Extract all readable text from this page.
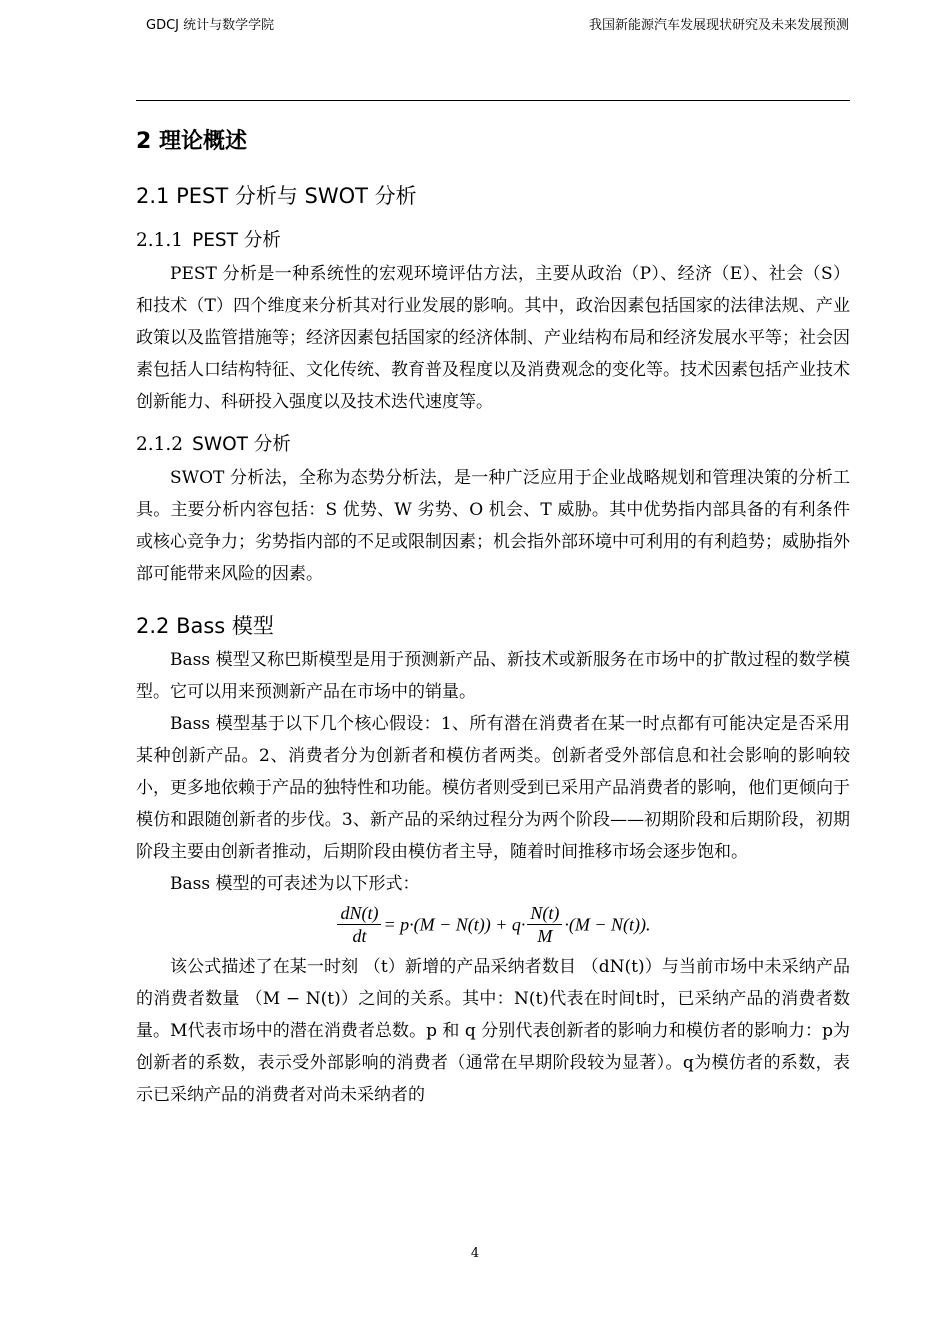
GDCJ 统计与数学学院	我国新能源汽车发展现状研究及未来发展预测
2 理论概述
2.1 PEST 分析与 SWOT 分析
2.1.1 PEST 分析

PEST 分析是一种系统性的宏观环境评估方法，主要从政治（P）、经济（E）、社会（S）和技术（T）四个维度来分析其对行业发展的影响。其中，政治因素包括国家的法律法规、产业政策以及监管措施等；经济因素包括国家的经济体制、产业结构布局和经济发展水平等；社会因素包括人口结构特征、文化传统、教育普及程度以及消费观念的变化等。技术因素包括产业技术创新能力、科研投入强度以及技术迭代速度等。

2.1.2 SWOT 分析

SWOT 分析法，全称为态势分析法，是一种广泛应用于企业战略规划和管理决策的分析工具。主要分析内容包括：S 优势、W 劣势、O 机会、T 威胁。其中优势指内部具备的有利条件或核心竞争力；劣势指内部的不足或限制因素；机会指外部环境中可利用的有利趋势；威胁指外部可能带来风险的因素。

2.2 Bass 模型

Bass 模型又称巴斯模型是用于预测新产品、新技术或新服务在市场中的扩散过程的数学模型。它可以用来预测新产品在市场中的销量。

Bass 模型基于以下几个核心假设：1、所有潜在消费者在某一时点都有可能决定是否采用某种创新产品。2、消费者分为创新者和模仿者两类。创新者受外部信息和社会影响的影响较小，更多地依赖于产品的独特性和功能。模仿者则受到已采用产品消费者的影响，他们更倾向于模仿和跟随创新者的步伐。3、新产品的采纳过程分为两个阶段——初期阶段和后期阶段，初期阶段主要由创新者推动，后期阶段由模仿者主导，随着时间推移市场会逐步饱和。

Bass 模型的可表述为以下形式：

$\frac{dN(t)}{dt} = p\cdot(M - N(t)) + q\cdot \frac{N(t)}{M} \cdot(M - N(t))$.

该公式描述了在某一时刻 （t）新增的产品采纳者数目 （dN(t)）与当前市场中未采纳产品的消费者数量 （M − N(t)）之间的关系。其中：N(t)代表在时间t时，已采纳产品的消费者数量。M代表市场中的潜在消费者总数。p 和 q 分别代表创新者的影响力和模仿者的影响力：p为创新者的系数，表示受外部影响的消费者（通常在早期阶段较为显著）。q为模仿者的系数，表示已采纳产品的消费者对尚未采纳者的

4
